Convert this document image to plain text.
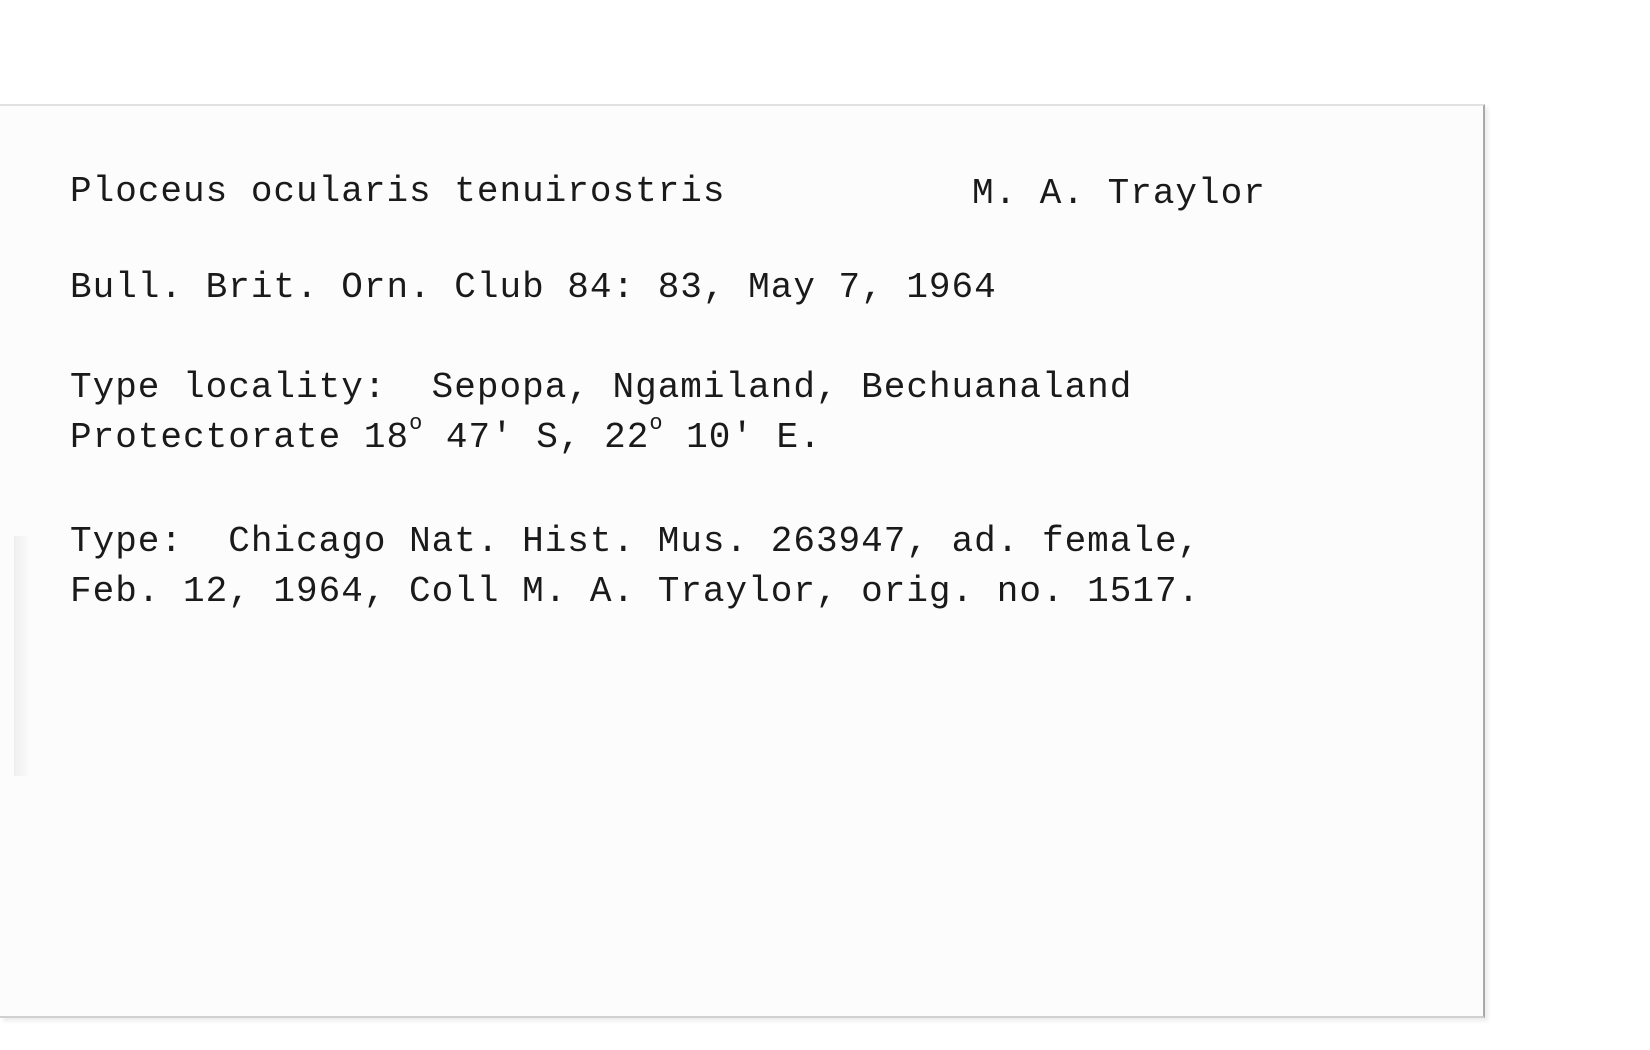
Ploceus ocularis tenuirostris	M. A. Traylor
Bull. Brit. Orn. Club 84: 83, May 7, 1964
Type locality: Sepopa, Ngamiland, Bechuanaland
Protectorate 18$^o$ 47' S, 22$^o$ 10' E.
Type: Chicago Nat. Hist. Mus. 263947, ad. female,
Feb. 12, 1964, Coll M. A. Traylor, orig. no. 1517.
